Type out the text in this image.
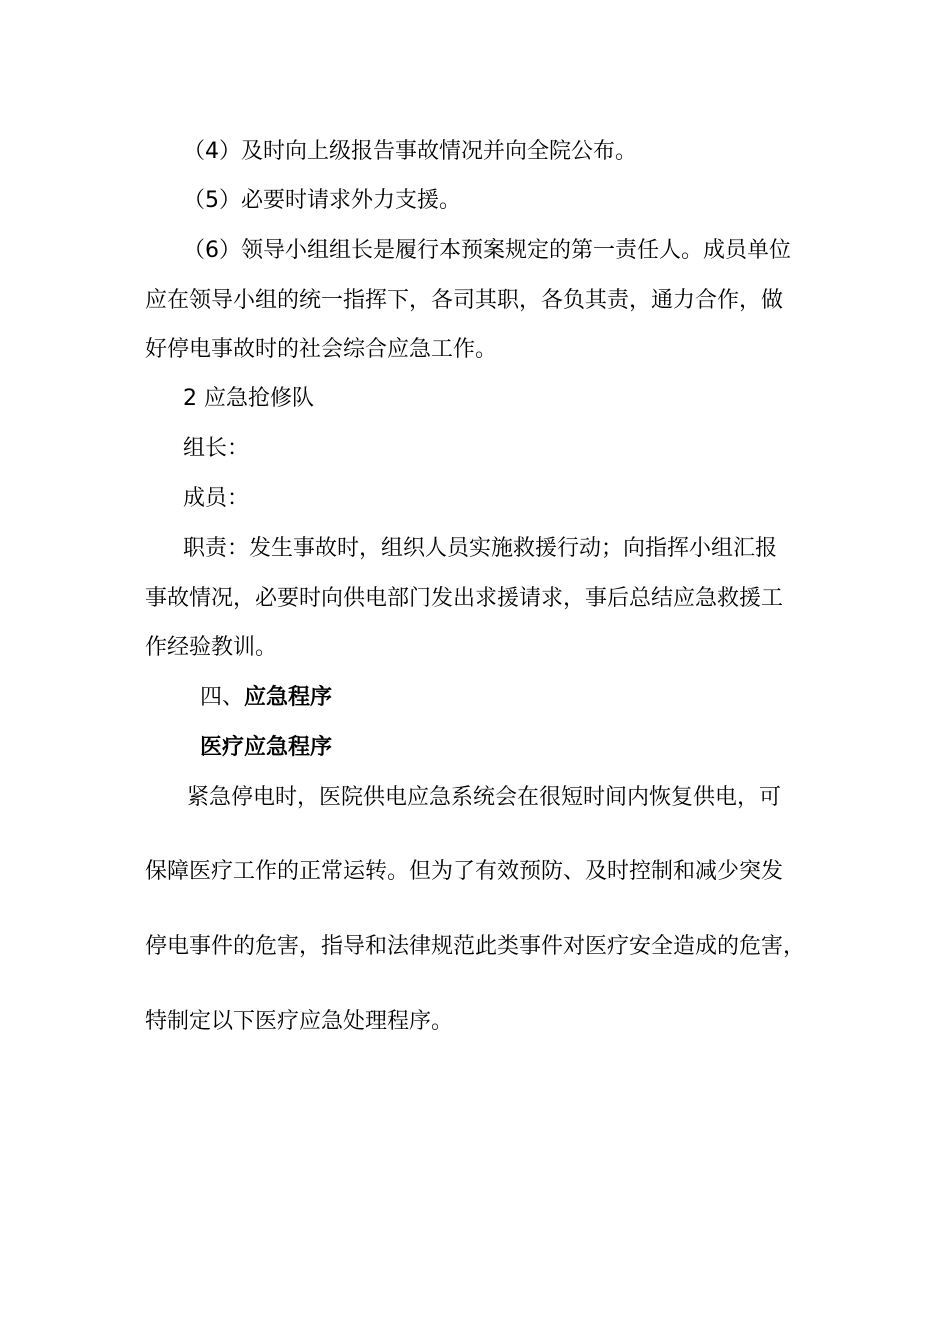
（4）及时向上级报告事故情况并向全院公布。
（5）必要时请求外力支援。
（6）领导小组组长是履行本预案规定的第一责任人。成员单位
应在领导小组的统一指挥下，各司其职，各负其责，通力合作，做
好停电事故时的社会综合应急工作。
2 应急抢修队
组长：
成员：
职责：发生事故时，组织人员实施救援行动；向指挥小组汇报
事故情况，必要时向供电部门发出求援请求，事后总结应急救援工
作经验教训。
四、应急程序
医疗应急程序
紧急停电时，医院供电应急系统会在很短时间内恢复供电，可
保障医疗工作的正常运转。但为了有效预防、及时控制和减少突发
停电事件的危害，指导和法律规范此类事件对医疗安全造成的危害，
特制定以下医疗应急处理程序。
